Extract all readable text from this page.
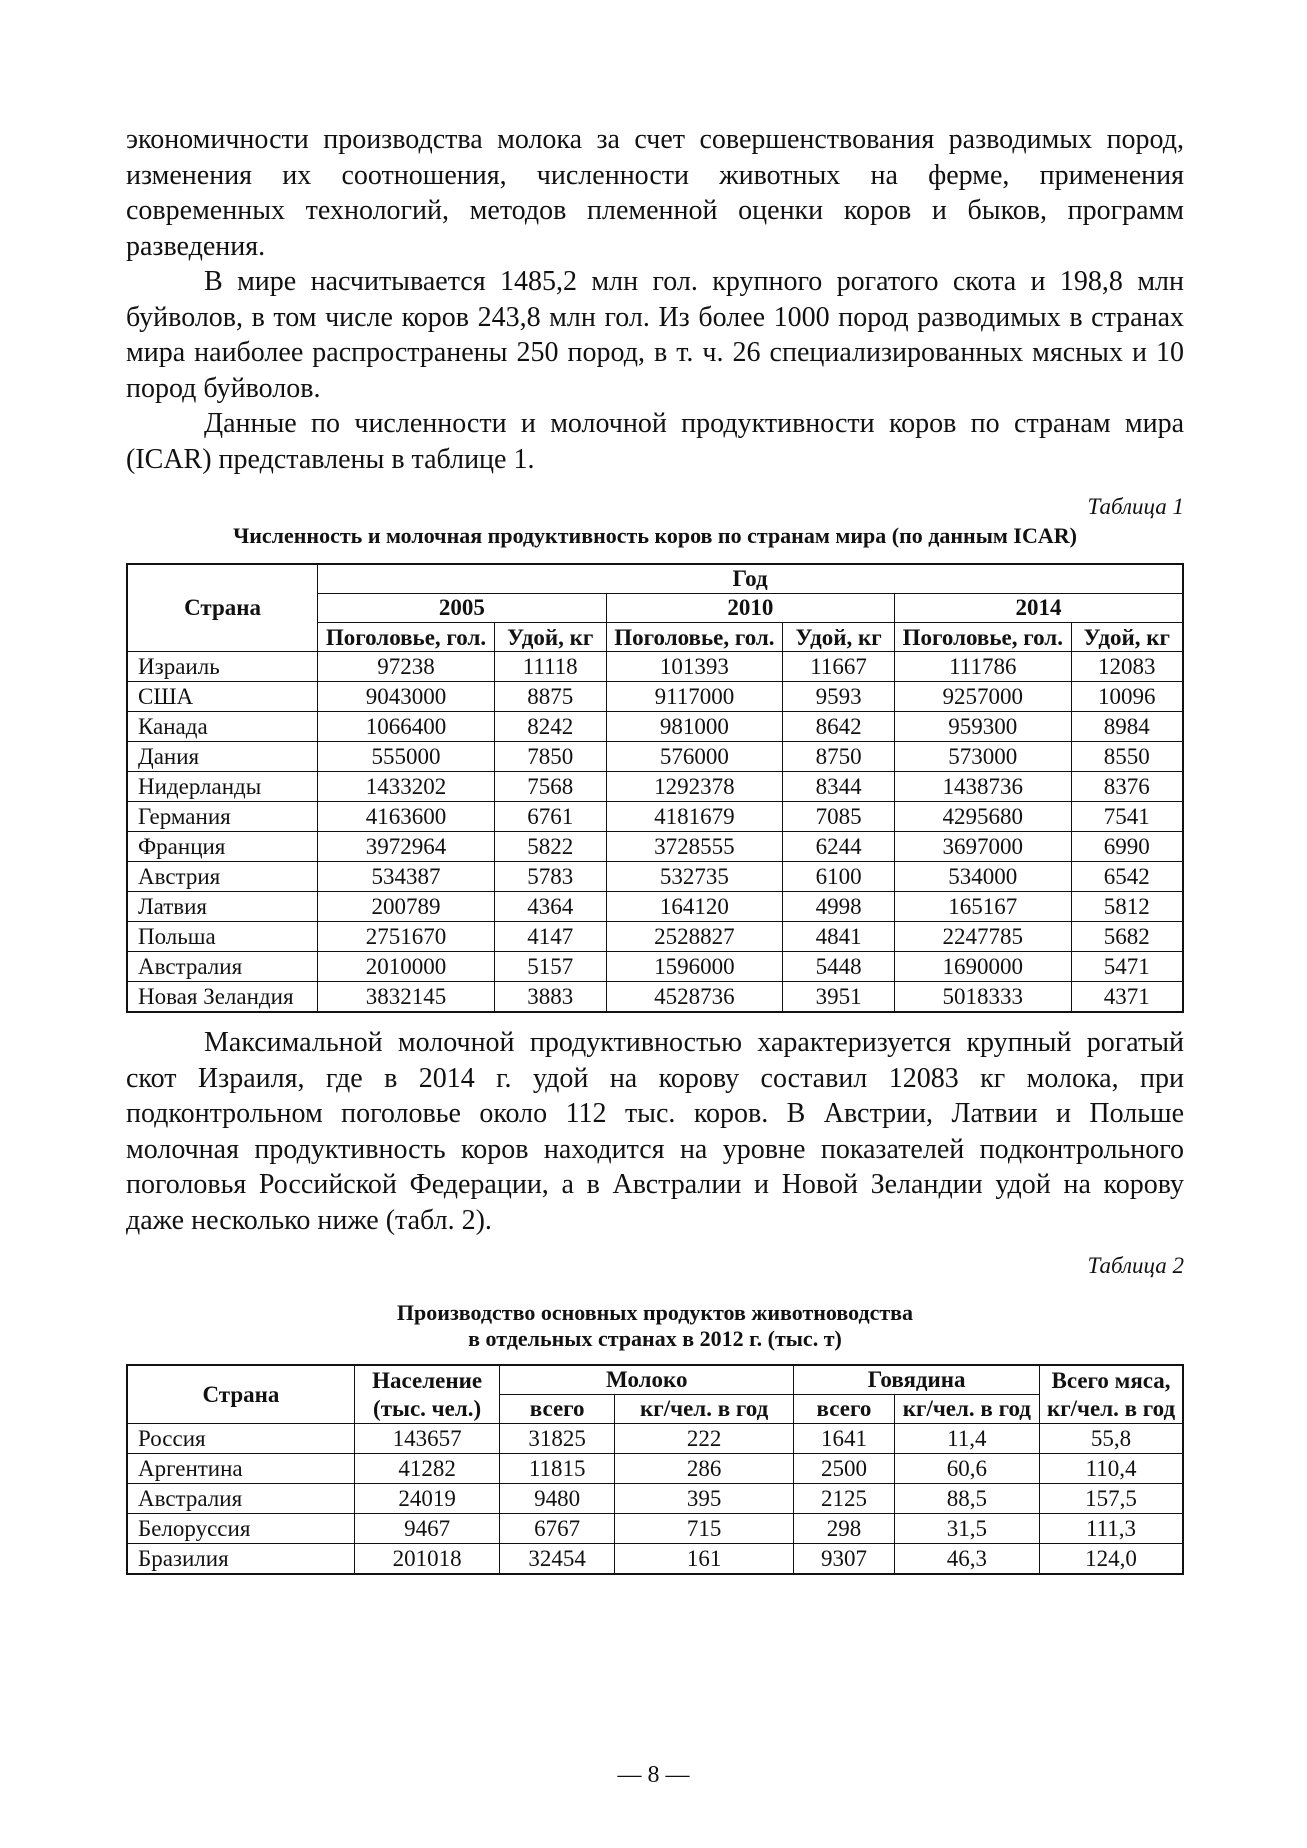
экономичности производства молока за счет совершенствования разводимых пород, изменения их соотношения, численности животных на ферме, применения современных технологий, методов племенной оценки коров и быков, программ разведения.

В мире насчитывается 1485,2 млн гол. крупного рогатого скота и 198,8 млн буйволов, в том числе коров 243,8 млн гол. Из более 1000 пород разводимых в странах мира наиболее распространены 250 пород, в т. ч. 26 специализированных мясных и 10 пород буйволов.

Данные по численности и молочной продуктивности коров по странам мира (ICAR) представлены в таблице 1.

Таблица 1
Численность и молочная продуктивность коров по странам мира (по данным ICAR)
Страна	Год					
	2005		2010		2014	
	Поголовье, гол.	Удой, кг	Поголовье, гол.	Удой, кг	Поголовье, гол.	Удой, кг
Израиль	97238	11118	101393	11667	111786	12083
США	9043000	8875	9117000	9593	9257000	10096
Канада	1066400	8242	981000	8642	959300	8984
Дания	555000	7850	576000	8750	573000	8550
Нидерланды	1433202	7568	1292378	8344	1438736	8376
Германия	4163600	6761	4181679	7085	4295680	7541
Франция	3972964	5822	3728555	6244	3697000	6990
Австрия	534387	5783	532735	6100	534000	6542
Латвия	200789	4364	164120	4998	165167	5812
Польша	2751670	4147	2528827	4841	2247785	5682
Австралия	2010000	5157	1596000	5448	1690000	5471
Новая Зеландия	3832145	3883	4528736	3951	5018333	4371

Максимальной молочной продуктивностью характеризуется крупный рогатый скот Израиля, где в 2014 г. удой на корову составил 12083 кг молока, при подконтрольном поголовье около 112 тыс. коров. В Австрии, Латвии и Польше молочная продуктивность коров находится на уровне показателей подконтрольного поголовья Российской Федерации, а в Австралии и Новой Зеландии удой на корову даже несколько ниже (табл. 2).

Таблица 2
Производство основных продуктов животноводства
в отдельных странах в 2012 г. (тыс. т)
Страна	Население (тыс. чел.)	Молоко		Говядина		Всего мяса, кг/чел. в год
		всего	кг/чел. в год	всего	кг/чел. в год	
Россия	143657	31825	222	1641	11,4	55,8
Аргентина	41282	11815	286	2500	60,6	110,4
Австралия	24019	9480	395	2125	88,5	157,5
Белоруссия	9467	6767	715	298	31,5	111,3
Бразилия	201018	32454	161	9307	46,3	124,0
— 8 —
